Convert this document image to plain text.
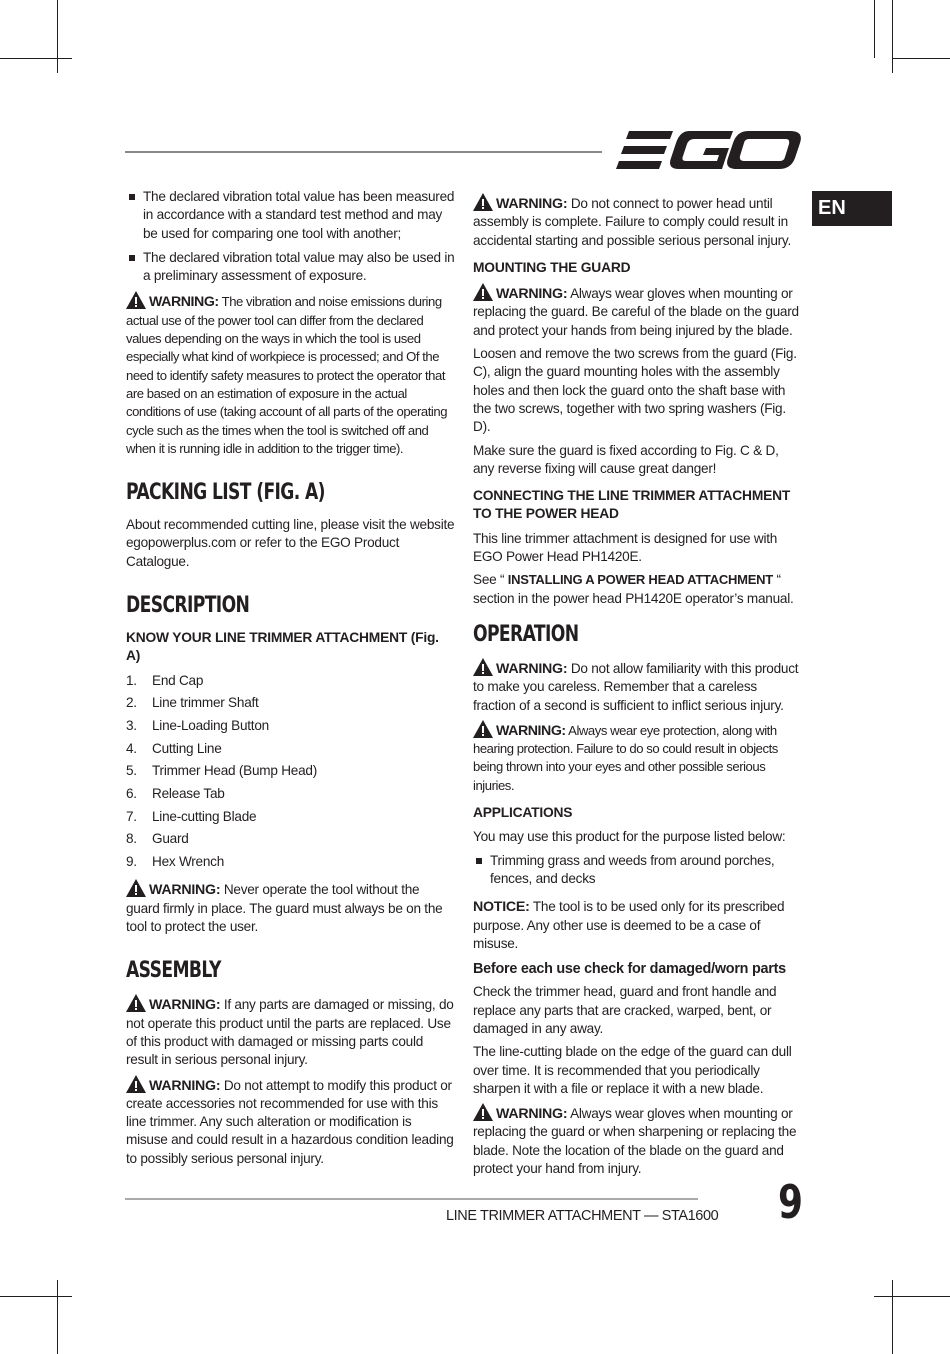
EN
The declared vibration total value has been measured in accordance with a standard test method and may be used for comparing one tool with another;
The declared vibration total value may also be used in a preliminary assessment of exposure.

WARNING: The vibration and noise emissions during actual use of the power tool can differ from the declared values depending on the ways in which the tool is used especially what kind of workpiece is processed; and Of the need to identify safety measures to protect the operator that are based on an estimation of exposure in the actual conditions of use (taking account of all parts of the operating cycle such as the times when the tool is switched off and when it is running idle in addition to the trigger time).

PACKING LIST (FIG. A)

About recommended cutting line, please visit the website egopowerplus.com or refer to the EGO Product Catalogue.

DESCRIPTION
KNOW YOUR LINE TRIMMER ATTACHMENT (Fig. A)
1. End Cap
2. Line trimmer Shaft
3. Line-Loading Button
4. Cutting Line
5. Trimmer Head (Bump Head)
6. Release Tab
7. Line-cutting Blade
8. Guard
9. Hex Wrench

WARNING: Never operate the tool without the guard firmly in place. The guard must always be on the tool to protect the user.

ASSEMBLY

WARNING: If any parts are damaged or missing, do not operate this product until the parts are replaced. Use of this product with damaged or missing parts could result in serious personal injury.

WARNING: Do not attempt to modify this product or create accessories not recommended for use with this line trimmer. Any such alteration or modification is misuse and could result in a hazardous condition leading to possibly serious personal injury.

WARNING: Do not connect to power head until assembly is complete. Failure to comply could result in accidental starting and possible serious personal injury.

MOUNTING THE GUARD

WARNING: Always wear gloves when mounting or replacing the guard. Be careful of the blade on the guard and protect your hands from being injured by the blade.

Loosen and remove the two screws from the guard (Fig. C), align the guard mounting holes with the assembly holes and then lock the guard onto the shaft base with the two screws, together with two spring washers (Fig. D).

Make sure the guard is fixed according to Fig. C & D, any reverse fixing will cause great danger!

CONNECTING THE LINE TRIMMER ATTACHMENT TO THE POWER HEAD

This line trimmer attachment is designed for use with EGO Power Head PH1420E.

See “ INSTALLING A POWER HEAD ATTACHMENT “ section in the power head PH1420E operator’s manual.

OPERATION

WARNING: Do not allow familiarity with this product to make you careless. Remember that a careless fraction of a second is sufficient to inflict serious injury.

WARNING: Always wear eye protection, along with hearing protection. Failure to do so could result in objects being thrown into your eyes and other possible serious injuries.

APPLICATIONS

You may use this product for the purpose listed below:

Trimming grass and weeds from around porches, fences, and decks

NOTICE: The tool is to be used only for its prescribed purpose. Any other use is deemed to be a case of misuse.

Before each use check for damaged/worn parts

Check the trimmer head, guard and front handle and replace any parts that are cracked, warped, bent, or damaged in any away.

The line-cutting blade on the edge of the guard can dull over time. It is recommended that you periodically sharpen it with a file or replace it with a new blade.

WARNING: Always wear gloves when mounting or replacing the guard or when sharpening or replacing the blade. Note the location of the blade on the guard and protect your hand from injury.

LINE TRIMMER ATTACHMENT — STA1600 9
